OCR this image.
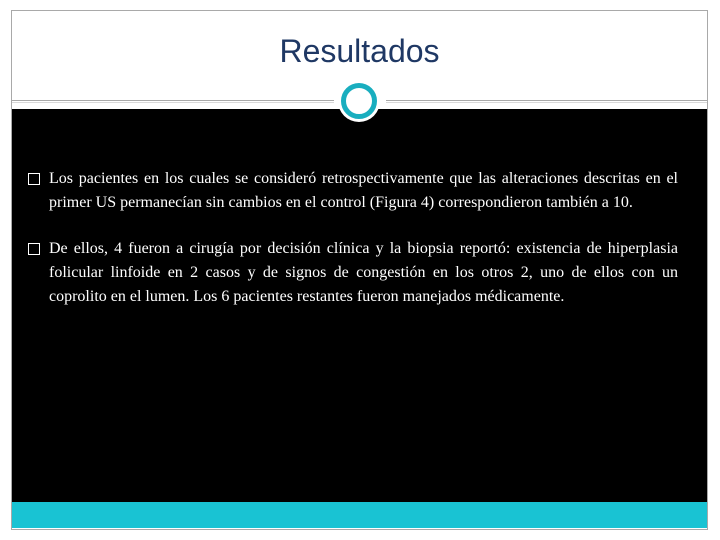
Resultados
Los pacientes en los cuales se consideró retrospectivamente que las alteraciones descritas en el primer US permanecían sin cambios en el control (Figura 4) correspondieron también a 10.
De ellos, 4 fueron a cirugía por decisión clínica y la biopsia reportó: existencia de hiperplasia folicular linfoide en 2 casos y de signos de congestión en los otros 2, uno de ellos con un coprolito en el lumen. Los 6 pacientes restantes fueron manejados médicamente.
